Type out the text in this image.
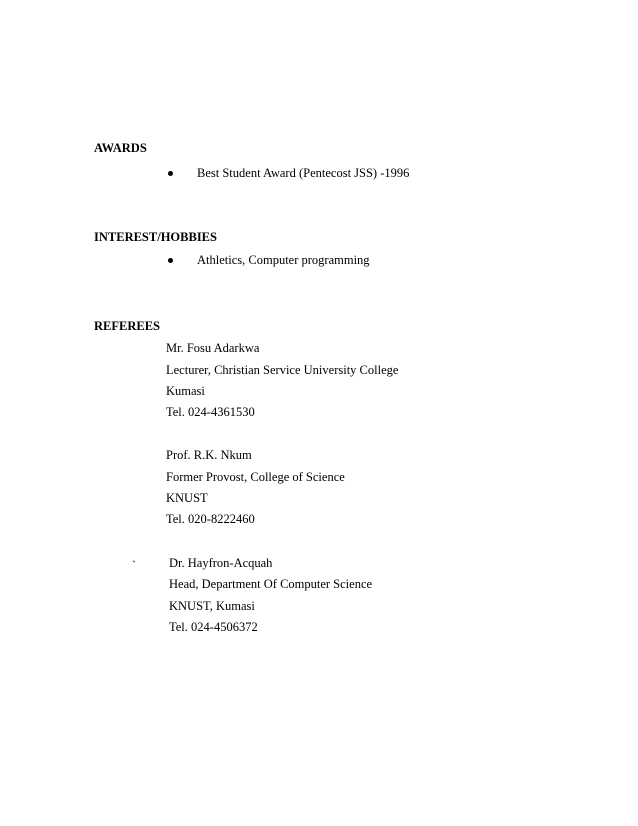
AWARDS
Best Student Award (Pentecost JSS) -1996
INTEREST/HOBBIES
Athletics, Computer programming
REFEREES
Mr. Fosu Adarkwa
Lecturer, Christian Service University College
Kumasi
Tel. 024-4361530
Prof. R.K. Nkum
Former Provost, College of Science
KNUST
Tel. 020-8222460
`	Dr. Hayfron-Acquah
Head, Department Of Computer Science
KNUST, Kumasi
Tel. 024-4506372
